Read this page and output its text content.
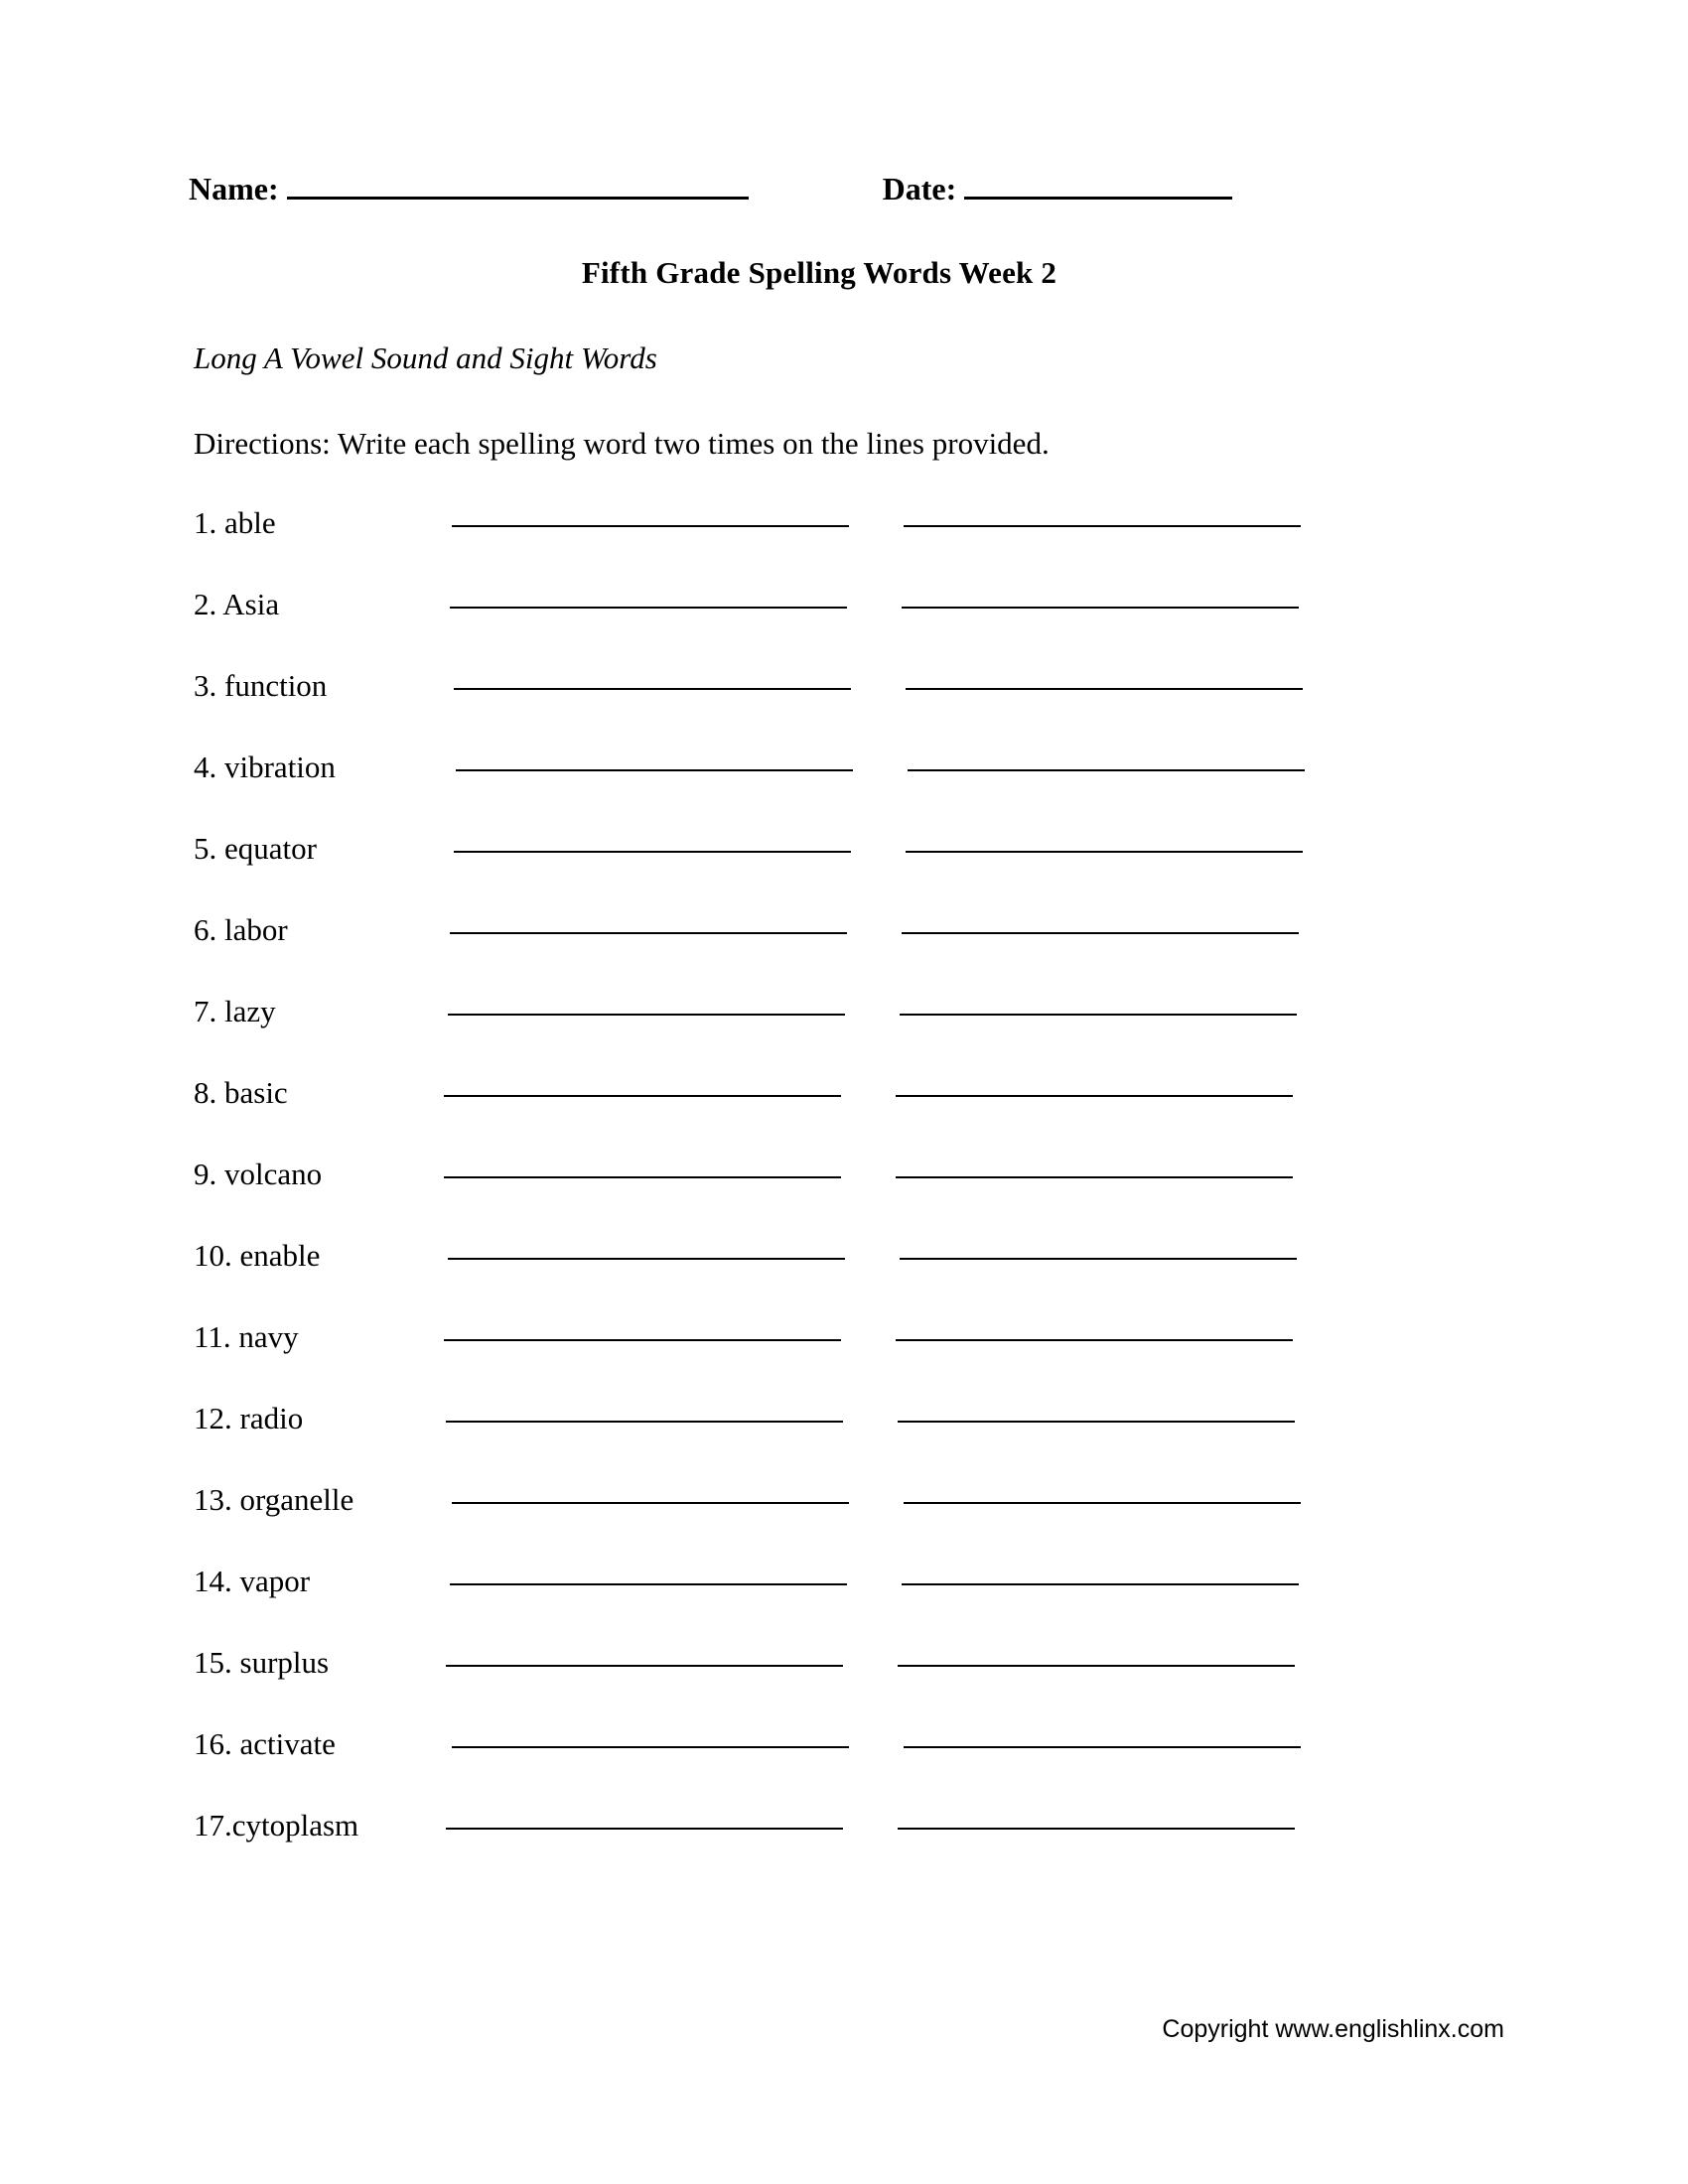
Name:	Date:
Fifth Grade Spelling Words Week 2
Long A Vowel Sound and Sight Words
Directions: Write each spelling word two times on the lines provided.
1. able
2. Asia
3. function
4. vibration
5. equator
6. labor
7. lazy
8. basic
9. volcano
10. enable
11. navy
12. radio
13. organelle
14. vapor
15. surplus
16. activate
17.cytoplasm
Copyright www.englishlinx.com
